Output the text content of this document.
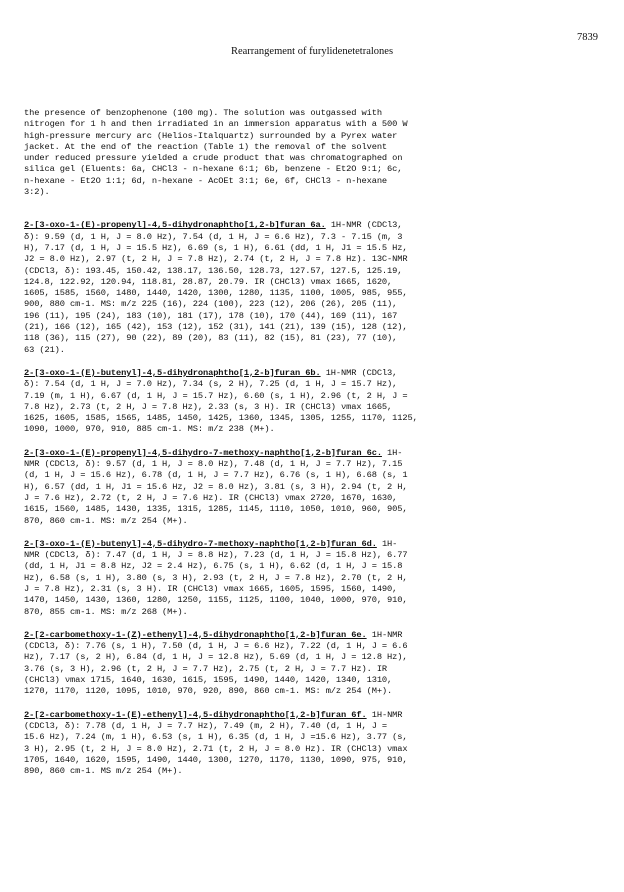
7839
Rearrangement of furylidenetetralones
the presence of benzophenone (100 mg). The solution was outgassed with
nitrogen for 1 h and then irradiated in an immersion apparatus with a 500 W
high-pressure mercury arc (Helios-Italquartz) surrounded by a Pyrex water
jacket. At the end of the reaction (Table 1) the removal of the solvent
under reduced pressure yielded a crude product that was chromatographed on
silica gel (Eluents: 6a, CHCl3 - n-hexane 6:1; 6b, benzene - Et2O 9:1; 6c,
n-hexane - Et2O 1:1; 6d, n-hexane - AcOEt 3:1; 6e, 6f, CHCl3 - n-hexane
3:2).
2-[3-oxo-1-(E)-propenyl]-4,5-dihydronaphtho[1,2-b]furan 6a. 1H-NMR (CDCl3,
δ): 9.59 (d, 1 H, J = 8.0 Hz), 7.54 (d, 1 H, J = 6.6 Hz), 7.3 - 7.15 (m, 3
H), 7.17 (d, 1 H, J = 15.5 Hz), 6.69 (s, 1 H), 6.61 (dd, 1 H, J1 = 15.5 Hz,
J2 = 8.0 Hz), 2.97 (t, 2 H, J = 7.8 Hz), 2.74 (t, 2 H, J = 7.8 Hz). 13C-NMR
(CDCl3, δ): 193.45, 150.42, 138.17, 136.50, 128.73, 127.57, 127.5, 125.19,
124.8, 122.92, 120.94, 118.81, 28.87, 20.79. IR (CHCl3) νmax 1665, 1620,
1605, 1585, 1560, 1480, 1440, 1420, 1300, 1280, 1135, 1100, 1005, 985, 955,
900, 880 cm-1. MS: m/z 225 (16), 224 (100), 223 (12), 206 (26), 205 (11),
196 (11), 195 (24), 183 (10), 181 (17), 178 (10), 170 (44), 169 (11), 167
(21), 166 (12), 165 (42), 153 (12), 152 (31), 141 (21), 139 (15), 128 (12),
118 (36), 115 (27), 90 (22), 89 (20), 83 (11), 82 (15), 81 (23), 77 (10),
63 (21).
2-[3-oxo-1-(E)-butenyl]-4,5-dihydronaphtho[1,2-b]furan 6b. 1H-NMR (CDCl3,
δ): 7.54 (d, 1 H, J = 7.0 Hz), 7.34 (s, 2 H), 7.25 (d, 1 H, J = 15.7 Hz),
7.19 (m, 1 H), 6.67 (d, 1 H, J = 15.7 Hz), 6.60 (s, 1 H), 2.96 (t, 2 H, J =
7.8 Hz), 2.73 (t, 2 H, J = 7.8 Hz), 2.33 (s, 3 H). IR (CHCl3) νmax 1665,
1625, 1605, 1585, 1565, 1485, 1450, 1425, 1360, 1345, 1305, 1255, 1170, 1125,
1090, 1000, 970, 910, 885 cm-1. MS: m/z 238 (M+).
2-[3-oxo-1-(E)-propenyl]-4,5-dihydro-7-methoxy-naphtho[1,2-b]furan 6c. 1H-
NMR (CDCl3, δ): 9.57 (d, 1 H, J = 8.0 Hz), 7.48 (d, 1 H, J = 7.7 Hz), 7.15
(d, 1 H, J = 15.6 Hz), 6.78 (d, 1 H, J = 7.7 Hz), 6.76 (s, 1 H), 6.68 (s, 1
H), 6.57 (dd, 1 H, J1 = 15.6 Hz, J2 = 8.0 Hz), 3.81 (s, 3 H), 2.94 (t, 2 H,
J = 7.6 Hz), 2.72 (t, 2 H, J = 7.6 Hz). IR (CHCl3) νmax 2720, 1670, 1630,
1615, 1560, 1485, 1430, 1335, 1315, 1285, 1145, 1110, 1050, 1010, 960, 905,
870, 860 cm-1. MS: m/z 254 (M+).
2-[3-oxo-1-(E)-butenyl]-4,5-dihydro-7-methoxy-naphtho[1,2-b]furan 6d. 1H-
NMR (CDCl3, δ): 7.47 (d, 1 H, J = 8.8 Hz), 7.23 (d, 1 H, J = 15.8 Hz), 6.77
(dd, 1 H, J1 = 8.8 Hz, J2 = 2.4 Hz), 6.75 (s, 1 H), 6.62 (d, 1 H, J = 15.8
Hz), 6.58 (s, 1 H), 3.80 (s, 3 H), 2.93 (t, 2 H, J = 7.8 Hz), 2.70 (t, 2 H,
J = 7.8 Hz), 2.31 (s, 3 H). IR (CHCl3) νmax 1665, 1605, 1595, 1560, 1490,
1470, 1450, 1430, 1360, 1280, 1250, 1155, 1125, 1100, 1040, 1000, 970, 910,
870, 855 cm-1. MS: m/z 268 (M+).
2-[2-carbomethoxy-1-(Z)-ethenyl]-4,5-dihydronaphtho[1,2-b]furan 6e. 1H-NMR
(CDCl3, δ): 7.76 (s, 1 H), 7.50 (d, 1 H, J = 6.6 Hz), 7.22 (d, 1 H, J = 6.6
Hz), 7.17 (s, 2 H), 6.84 (d, 1 H, J = 12.8 Hz), 5.69 (d, 1 H, J = 12.8 Hz),
3.76 (s, 3 H), 2.96 (t, 2 H, J = 7.7 Hz), 2.75 (t, 2 H, J = 7.7 Hz). IR
(CHCl3) νmax 1715, 1640, 1630, 1615, 1595, 1490, 1440, 1420, 1340, 1310,
1270, 1170, 1120, 1095, 1010, 970, 920, 890, 860 cm-1. MS: m/z 254 (M+).
2-[2-carbomethoxy-1-(E)-ethenyl]-4,5-dihydronaphtho[1,2-b]furan 6f. 1H-NMR
(CDCl3, δ): 7.78 (d, 1 H, J = 7.7 Hz), 7.49 (m, 2 H), 7.40 (d, 1 H, J =
15.6 Hz), 7.24 (m, 1 H), 6.53 (s, 1 H), 6.35 (d, 1 H, J =15.6 Hz), 3.77 (s,
3 H), 2.95 (t, 2 H, J = 8.0 Hz), 2.71 (t, 2 H, J = 8.0 Hz). IR (CHCl3) νmax
1705, 1640, 1620, 1595, 1490, 1440, 1300, 1270, 1170, 1130, 1090, 975, 910,
890, 860 cm-1. MS m/z 254 (M+).
